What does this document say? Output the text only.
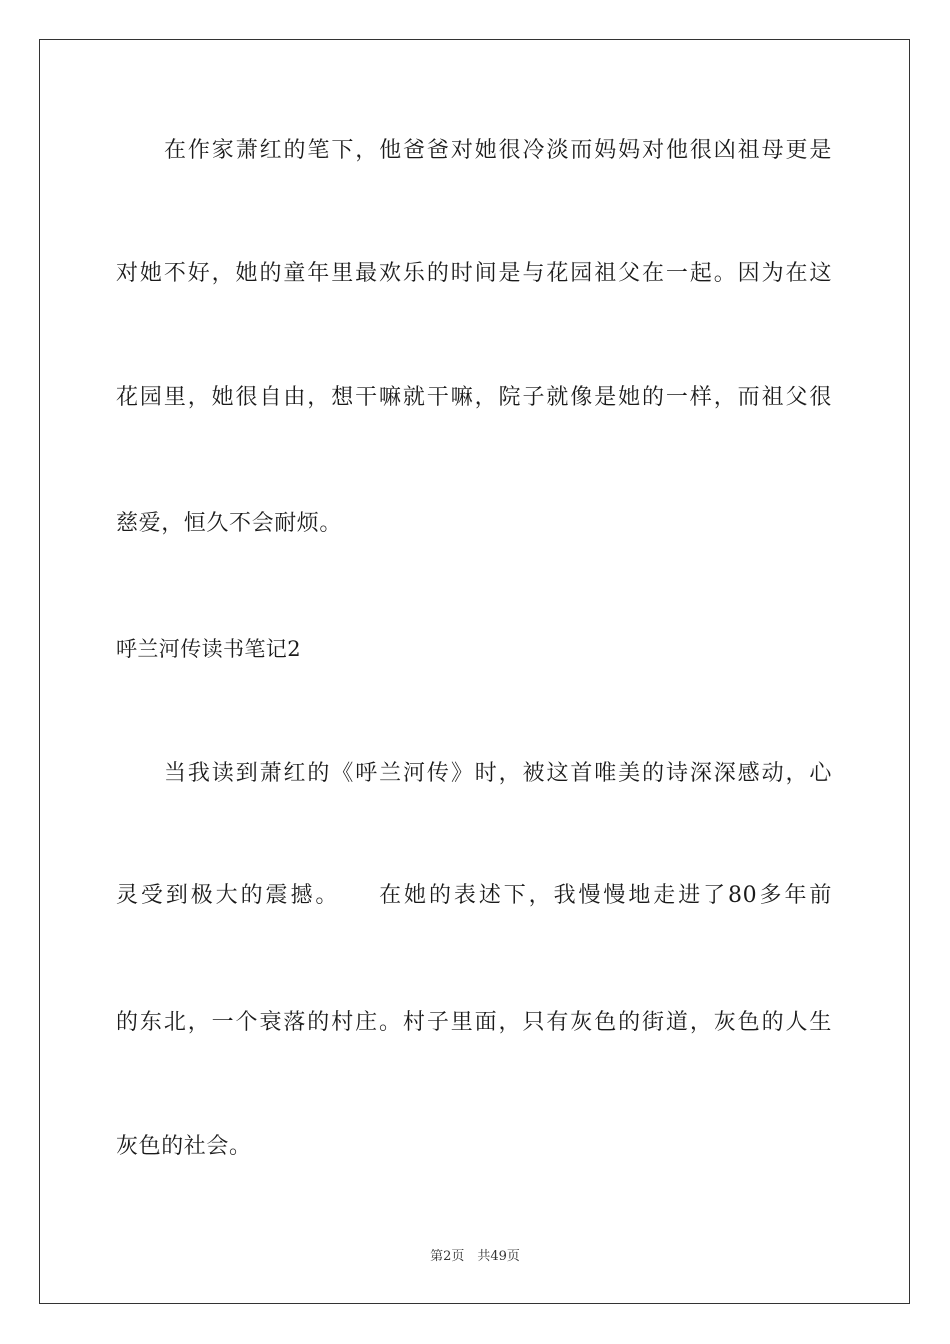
在作家萧红的笔下，他爸爸对她很冷淡而妈妈对他很凶祖母更是
对她不好，她的童年里最欢乐的时间是与花园祖父在一起。因为在这
花园里，她很自由，想干嘛就干嘛，院子就像是她的一样，而祖父很
慈爱，恒久不会耐烦。
呼兰河传读书笔记2
当我读到萧红的《呼兰河传》时，被这首唯美的诗深深感动，心
灵受到极大的震撼。　　在她的表述下，我慢慢地走进了80多年前
的东北，一个衰落的村庄。村子里面，只有灰色的街道，灰色的人生
灰色的社会。
第2页　共49页
